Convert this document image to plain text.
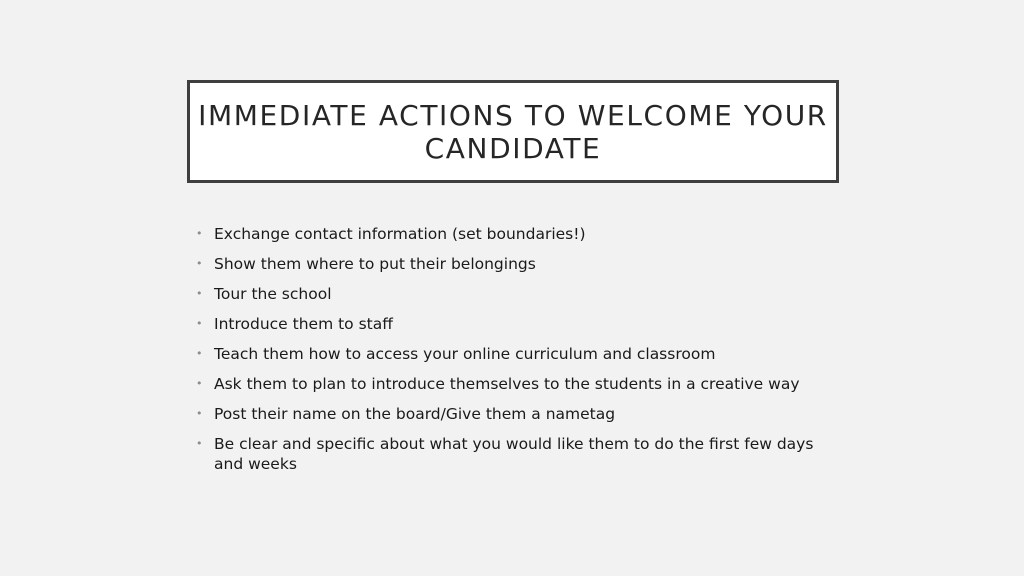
IMMEDIATE ACTIONS TO WELCOME YOUR CANDIDATE
• Exchange contact information (set boundaries!)
• Show them where to put their belongings
• Tour the school
• Introduce them to staff
• Teach them how to access your online curriculum and classroom
• Ask them to plan to introduce themselves to the students in a creative way
• Post their name on the board/Give them a nametag
• Be clear and specific about what you would like them to do the first few days and weeks
